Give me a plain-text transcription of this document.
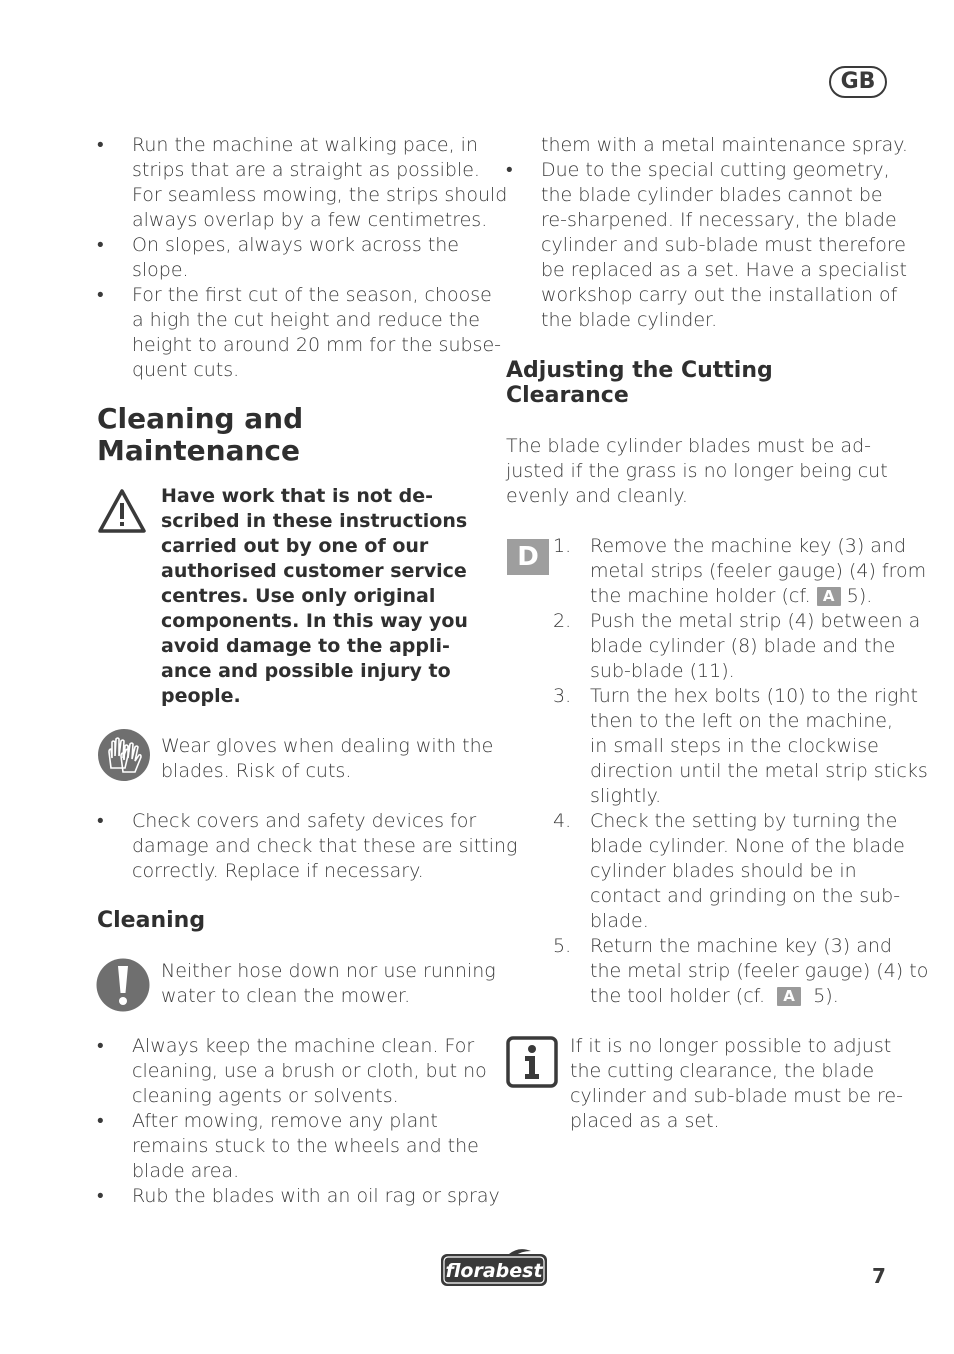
GB
• Run the machine at walking pace, in
strips that are a straight as possible.
For seamless mowing, the strips should
always overlap by a few centimetres.
• On slopes, always work across the
slope.
• For the first cut of the season, choose
a high the cut height and reduce the
height to around 20 mm for the subse-
quent cuts.
Cleaning and
Maintenance
Have work that is not de-
scribed in these instructions
carried out by one of our
authorised customer service
centres. Use only original
components. In this way you
avoid damage to the appli-
ance and possible injury to
people.
Wear gloves when dealing with the
blades. Risk of cuts.
• Check covers and safety devices for
damage and check that these are sitting
correctly. Replace if necessary.
Cleaning
Neither hose down nor use running
water to clean the mower.
• Always keep the machine clean. For
cleaning, use a brush or cloth, but no
cleaning agents or solvents.
• After mowing, remove any plant
remains stuck to the wheels and the
blade area.
• Rub the blades with an oil rag or spray
them with a metal maintenance spray.
• Due to the special cutting geometry,
the blade cylinder blades cannot be
re-sharpened. If necessary, the blade
cylinder and sub-blade must therefore
be replaced as a set. Have a specialist
workshop carry out the installation of
the blade cylinder.
Adjusting the Cutting
Clearance
The blade cylinder blades must be ad-
justed if the grass is no longer being cut
evenly and cleanly.
D 1. Remove the machine key (3) and
metal strips (feeler gauge) (4) from
the machine holder (cf. A 5).
2. Push the metal strip (4) between a
blade cylinder (8) blade and the
sub-blade (11).
3. Turn the hex bolts (10) to the right
then to the left on the machine,
in small steps in the clockwise
direction until the metal strip sticks
slightly.
4. Check the setting by turning the
blade cylinder. None of the blade
cylinder blades should be in
contact and grinding on the sub-
blade.
5. Return the machine key (3) and
the metal strip (feeler gauge) (4) to
the tool holder (cf. A 5).
If it is no longer possible to adjust
the cutting clearance, the blade
cylinder and sub-blade must be re-
placed as a set.
florabest	7
